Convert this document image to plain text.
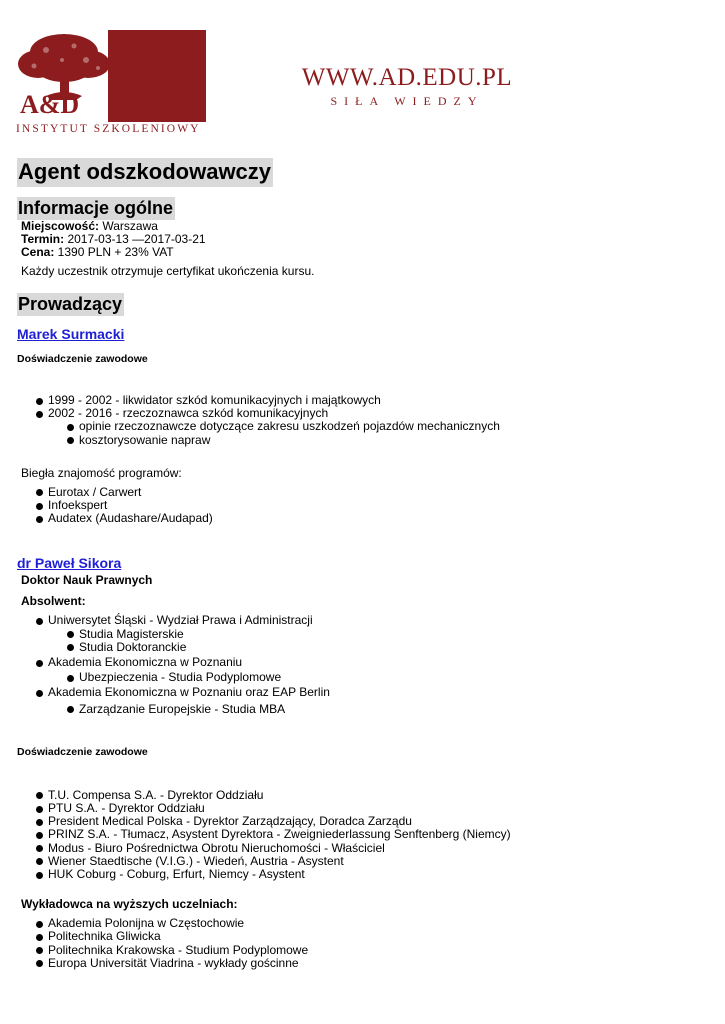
A&D
INSTYTUT SZKOLENIOWY
WWW.AD.EDU.PL
SIŁA WIEDZY
Agent odszkodowawczy
Informacje ogólne
Miejscowość: Warszawa
Termin: 2017-03-13 —2017-03-21
Cena: 1390 PLN + 23% VAT
Każdy uczestnik otrzymuje certyfikat ukończenia kursu.
Prowadzący
Marek Surmacki
Doświadczenie zawodowe
1999 - 2002 - likwidator szkód komunikacyjnych i majątkowych
2002 - 2016 - rzeczoznawca szkód komunikacyjnych
opinie rzeczoznawcze dotyczące zakresu uszkodzeń pojazdów mechanicznych
kosztorysowanie napraw
Biegła znajomość programów:
Eurotax / Carwert
Infoekspert
Audatex (Audashare/Audapad)
dr Paweł Sikora
Doktor Nauk Prawnych
Absolwent:
Uniwersytet Śląski - Wydział Prawa i Administracji
Studia Magisterskie
Studia Doktoranckie
Akademia Ekonomiczna w Poznaniu
Ubezpieczenia - Studia Podyplomowe
Akademia Ekonomiczna w Poznaniu oraz EAP Berlin
Zarządzanie Europejskie - Studia MBA
Doświadczenie zawodowe
T.U. Compensa S.A. - Dyrektor Oddziału
PTU S.A. - Dyrektor Oddziału
President Medical Polska - Dyrektor Zarządzający, Doradca Zarządu
PRINZ S.A. - Tłumacz, Asystent Dyrektora - Zweigniederlassung Senftenberg (Niemcy)
Modus - Biuro Pośrednictwa Obrotu Nieruchomości - Właściciel
Wiener Staedtische (V.I.G.) - Wiedeń, Austria - Asystent
HUK Coburg - Coburg, Erfurt, Niemcy - Asystent
Wykładowca na wyższych uczelniach:
Akademia Polonijna w Częstochowie
Politechnika Gliwicka
Politechnika Krakowska - Studium Podyplomowe
Europa Universität Viadrina - wykłady gościnne
